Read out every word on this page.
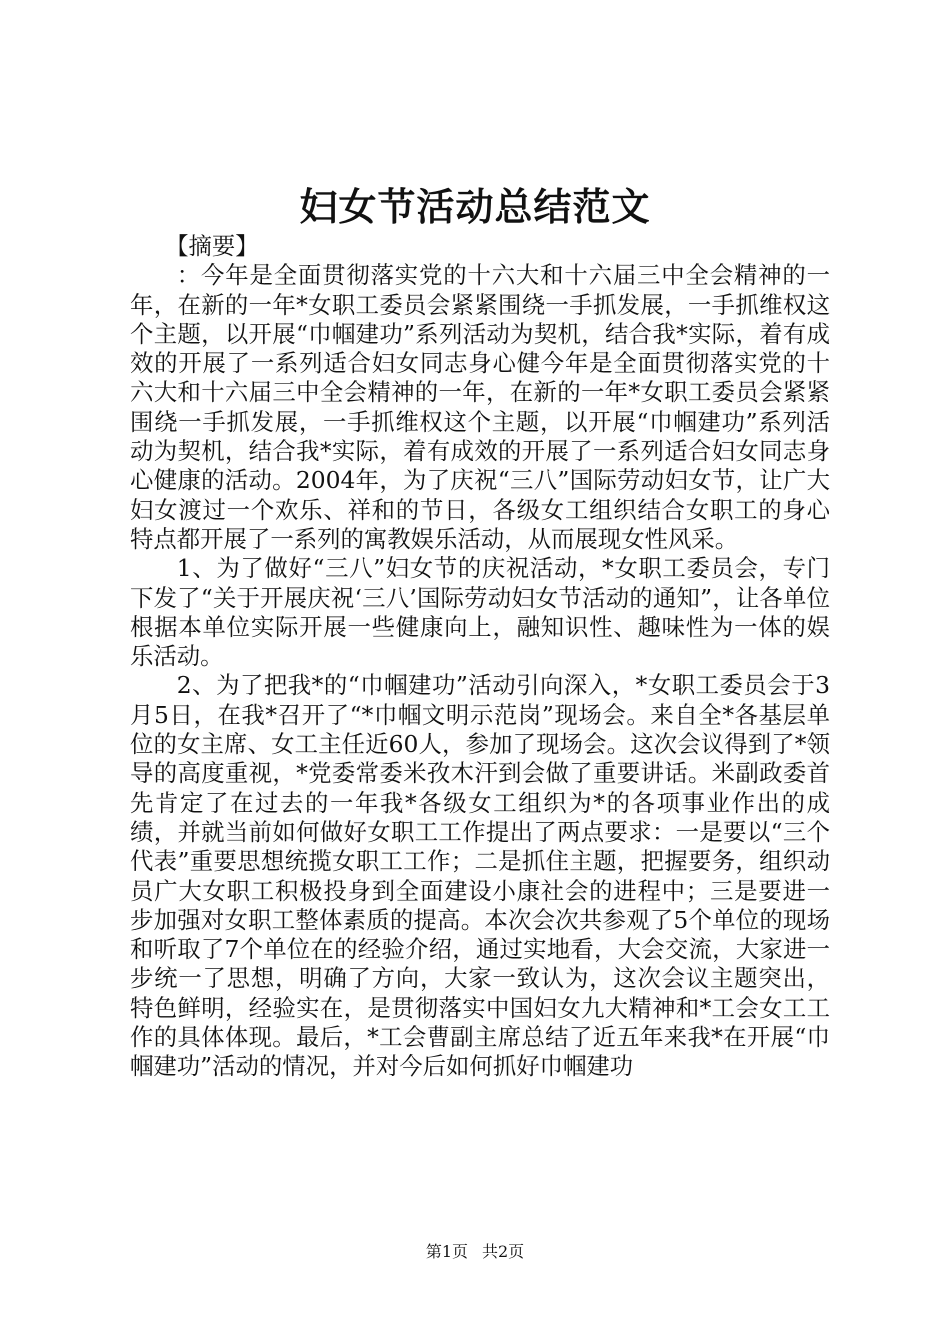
妇女节活动总结范文

【摘要】

：今年是全面贯彻落实党的十六大和十六届三中全会精神的一年，在新的一年*女职工委员会紧紧围绕一手抓发展，一手抓维权这个主题，以开展“巾帼建功”系列活动为契机，结合我*实际，着有成效的开展了一系列适合妇女同志身心健今年是全面贯彻落实党的十六大和十六届三中全会精神的一年，在新的一年*女职工委员会紧紧围绕一手抓发展，一手抓维权这个主题，以开展“巾帼建功”系列活动为契机，结合我*实际，着有成效的开展了一系列适合妇女同志身心健康的活动。2004年，为了庆祝“三八”国际劳动妇女节，让广大妇女渡过一个欢乐、祥和的节日，各级女工组织结合女职工的身心特点都开展了一系列的寓教娱乐活动，从而展现女性风采。

1、为了做好“三八”妇女节的庆祝活动，*女职工委员会，专门下发了“关于开展庆祝‘三八’国际劳动妇女节活动的通知”，让各单位根据本单位实际开展一些健康向上，融知识性、趣味性为一体的娱乐活动。

2、为了把我*的“巾帼建功”活动引向深入，*女职工委员会于3月5日，在我*召开了“*巾帼文明示范岗”现场会。来自全*各基层单位的女主席、女工主任近60人，参加了现场会。这次会议得到了*领导的高度重视，*党委常委米孜木汗到会做了重要讲话。米副政委首先肯定了在过去的一年我*各级女工组织为*的各项事业作出的成绩，并就当前如何做好女职工工作提出了两点要求：一是要以“三个代表”重要思想统揽女职工工作；二是抓住主题，把握要务，组织动员广大女职工积极投身到全面建设小康社会的进程中；三是要进一步加强对女职工整体素质的提高。本次会次共参观了5个单位的现场和听取了7个单位在的经验介绍，通过实地看，大会交流，大家进一步统一了思想，明确了方向，大家一致认为，这次会议主题突出，特色鲜明，经验实在，是贯彻落实中国妇女九大精神和*工会女工工作的具体体现。最后，*工会曹副主席总结了近五年来我*在开展“巾帼建功”活动的情况，并对今后如何抓好巾帼建功

第1页 共2页
